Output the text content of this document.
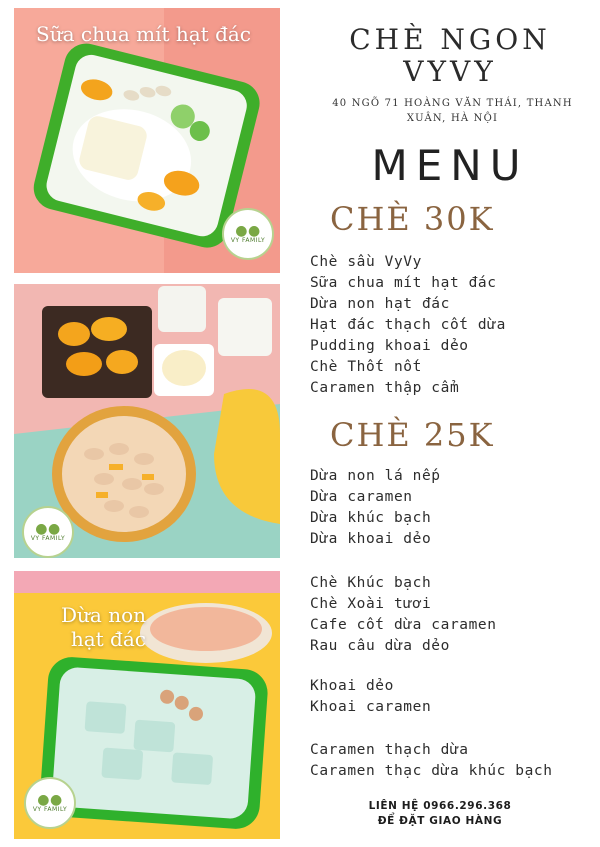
Sữa chua mít hạt đác
●●
VY FAMILY
●●
VY FAMILY
Dừa non
hạt đác
●●
VY FAMILY
CHÈ NGON
VYVY
40 NGÕ 71 HOÀNG VĂN THÁI, THANH
XUÂN, HÀ NỘI
MENU
CHÈ 30K
Chè sầu VyVy
Sữa chua mít hạt đác
Dừa non hạt đác
Hạt đác thạch cốt dừa
Pudding khoai dẻo
Chè Thốt nốt
Caramen thập cẩm
CHÈ 25K
Dừa non lá nếp
Dừa caramen
Dừa khúc bạch
Dừa khoai dẻo
Chè Khúc bạch
Chè Xoài tươi
Cafe cốt dừa caramen
Rau câu dừa dẻo
Khoai dẻo
Khoai caramen
Caramen thạch dừa
Caramen thạc dừa khúc bạch
LIÊN HỆ 0966.296.368
ĐỂ ĐẶT GIAO HÀNG
